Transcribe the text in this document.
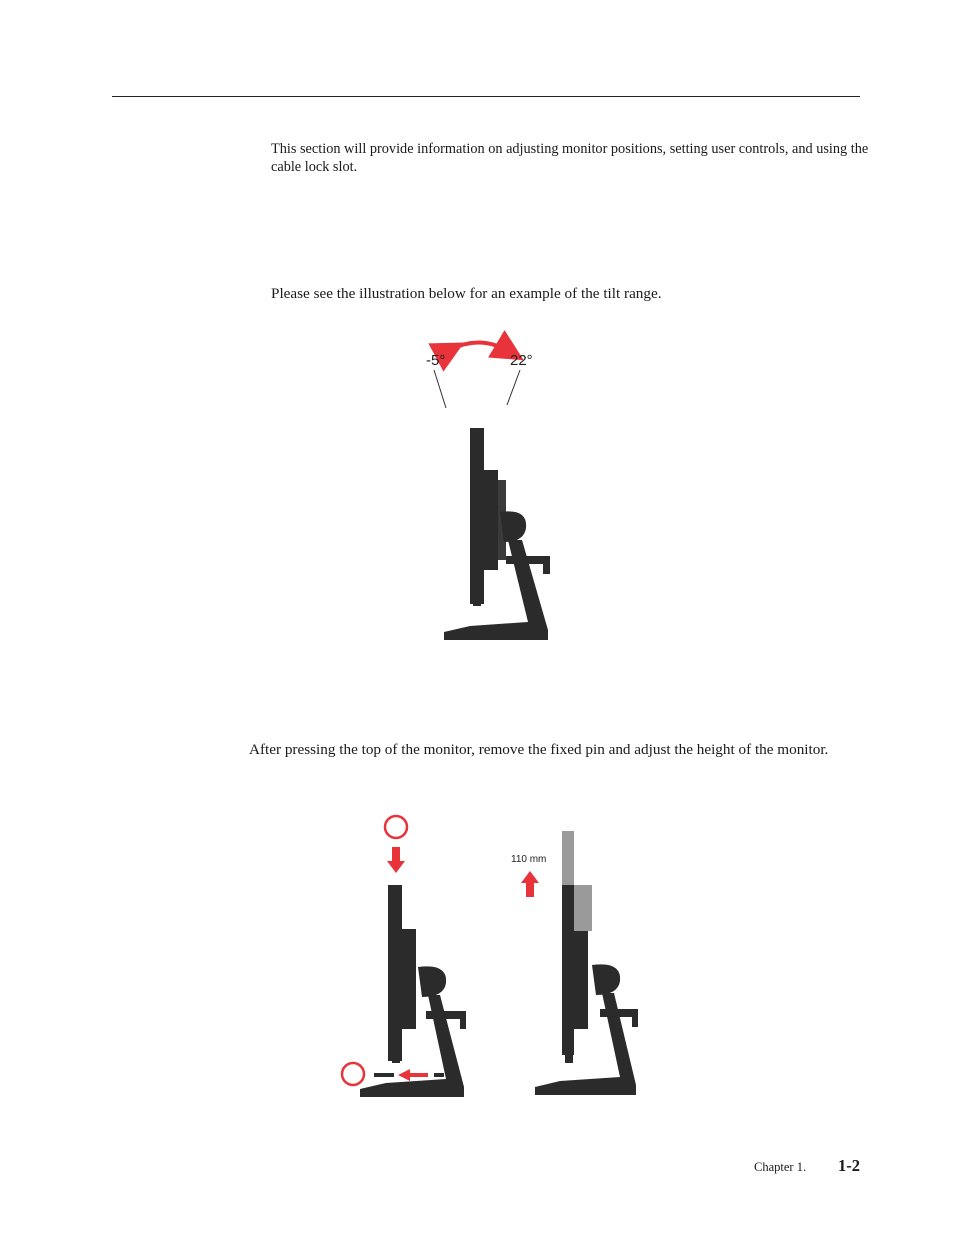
This section will provide information on adjusting monitor positions, setting user controls, and using the cable lock slot.

Please see the illustration below for an example of the tilt range.

-5°	22°

After pressing the top of the monitor, remove the fixed pin and adjust the height of the monitor.

110 mm
Chapter 1. 1-2
